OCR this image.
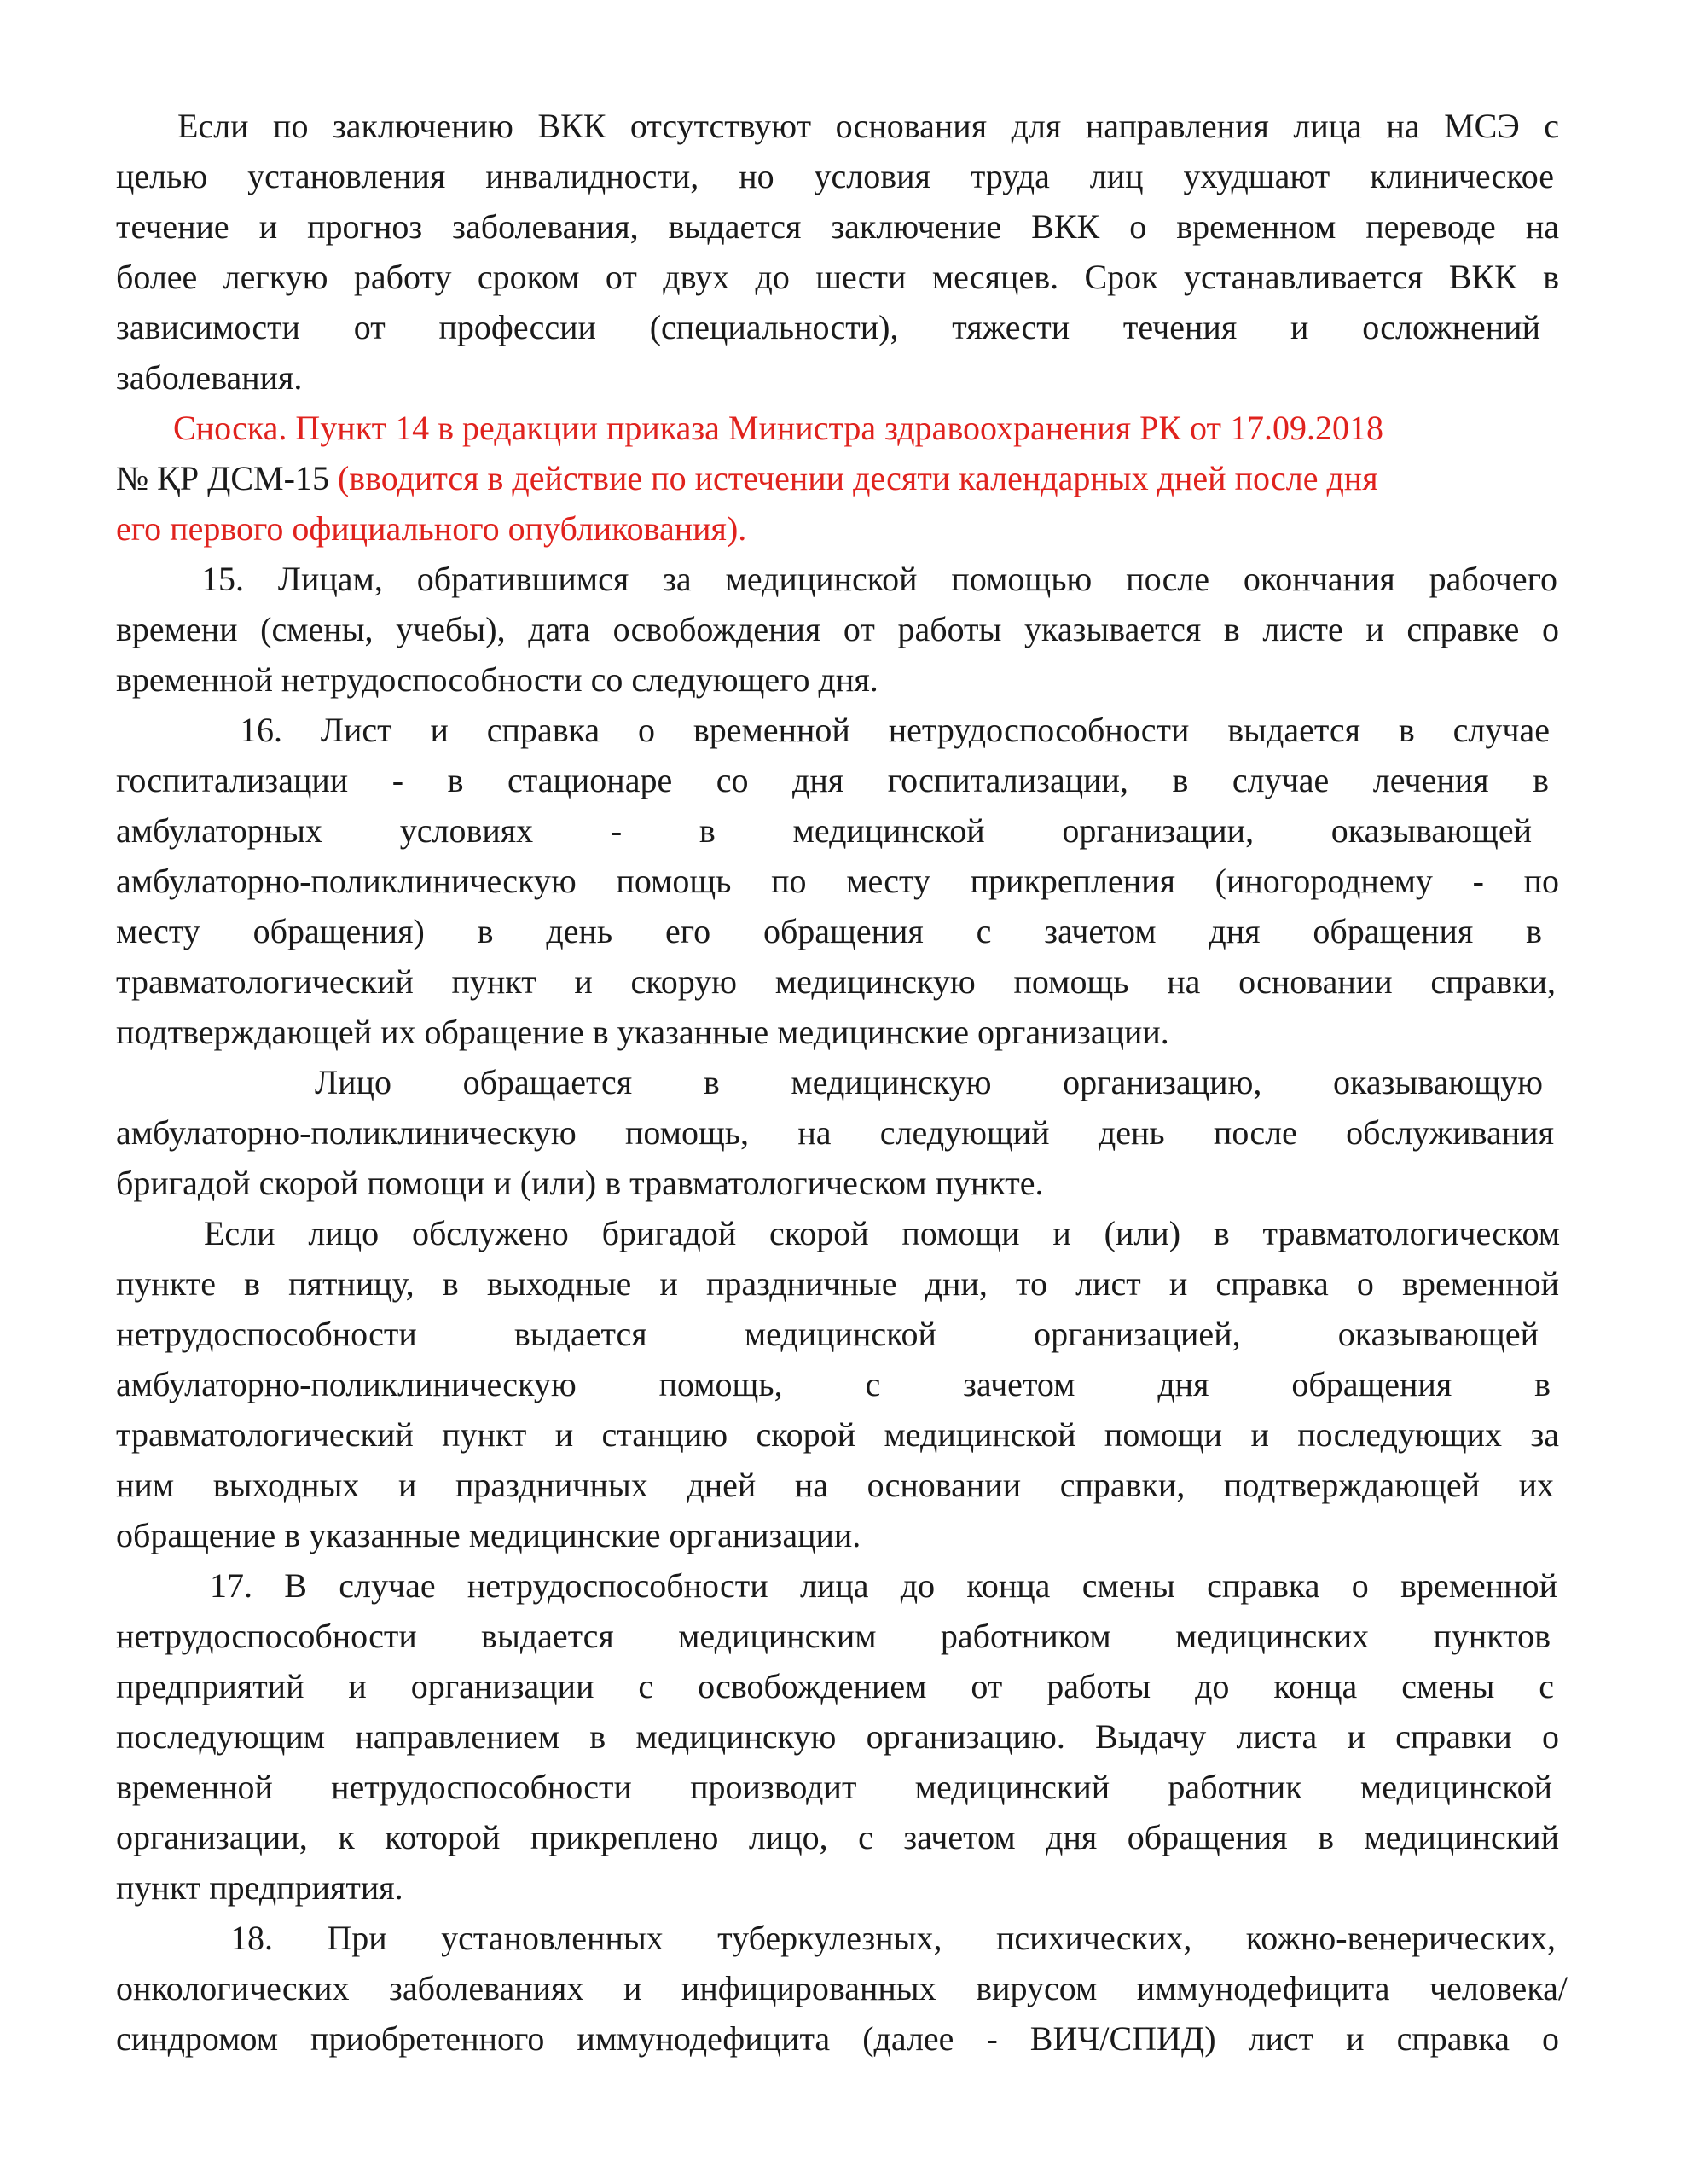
Если по заключению ВКК отсутствуют основания для направления лица на МСЭ с
целью установления инвалидности, но условия труда лиц ухудшают клиническое
течение и прогноз заболевания, выдается заключение ВКК о временном переводе на
более легкую работу сроком от двух до шести месяцев. Срок устанавливается ВКК в
зависимости от профессии (специальности), тяжести течения и осложнений
заболевания.
Сноска. Пункт 14 в редакции приказа Министра здравоохранения РК от 17.09.2018
№ ҚР ДСМ-15 (вводится в действие по истечении десяти календарных дней после дня
его первого официального опубликования).
15. Лицам, обратившимся за медицинской помощью после окончания рабочего
времени (смены, учебы), дата освобождения от работы указывается в листе и справке о
временной нетрудоспособности со следующего дня.
16. Лист и справка о временной нетрудоспособности выдается в случае
госпитализации - в стационаре со дня госпитализации, в случае лечения в
амбулаторных условиях - в медицинской организации, оказывающей
амбулаторно-поликлиническую помощь по месту прикрепления (иногороднему - по
месту обращения) в день его обращения с зачетом дня обращения в
травматологический пункт и скорую медицинскую помощь на основании справки,
подтверждающей их обращение в указанные медицинские организации.
Лицо обращается в медицинскую организацию, оказывающую
амбулаторно-поликлиническую помощь, на следующий день после обслуживания
бригадой скорой помощи и (или) в травматологическом пункте.
Если лицо обслужено бригадой скорой помощи и (или) в травматологическом
пункте в пятницу, в выходные и праздничные дни, то лист и справка о временной
нетрудоспособности выдается медицинской организацией, оказывающей
амбулаторно-поликлиническую помощь, с зачетом дня обращения в
травматологический пункт и станцию скорой медицинской помощи и последующих за
ним выходных и праздничных дней на основании справки, подтверждающей их
обращение в указанные медицинские организации.
17. В случае нетрудоспособности лица до конца смены справка о временной
нетрудоспособности выдается медицинским работником медицинских пунктов
предприятий и организации с освобождением от работы до конца смены с
последующим направлением в медицинскую организацию. Выдачу листа и справки о
временной нетрудоспособности производит медицинский работник медицинской
организации, к которой прикреплено лицо, с зачетом дня обращения в медицинский
пункт предприятия.
18. При установленных туберкулезных, психических, кожно-венерических,
онкологических заболеваниях и инфицированных вирусом иммунодефицита человека/
синдромом приобретенного иммунодефицита (далее - ВИЧ/СПИД) лист и справка о
